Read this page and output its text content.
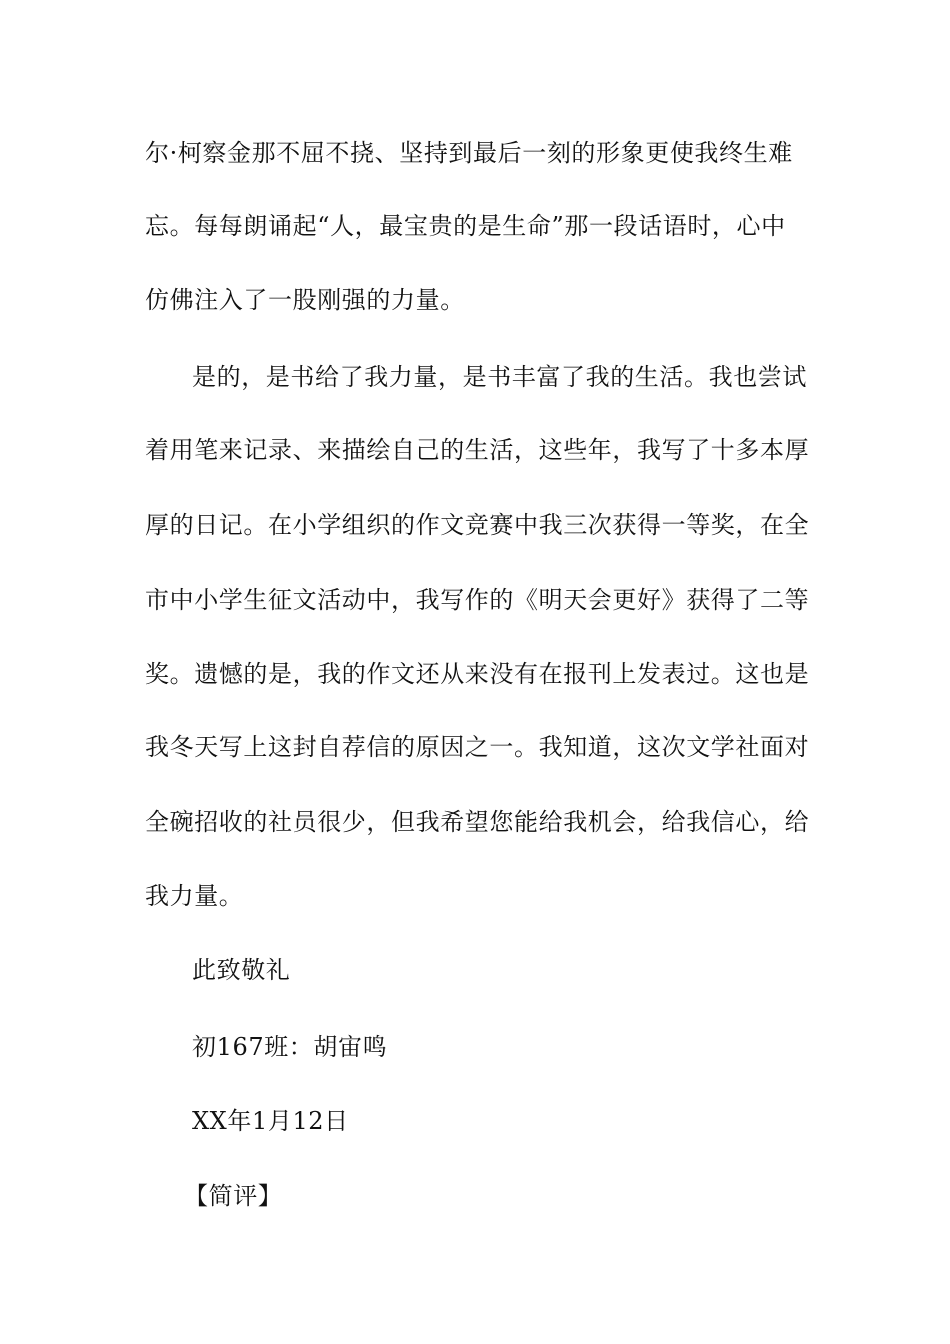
尔·柯察金那不屈不挠、坚持到最后一刻的形象更使我终生难
忘。每每朗诵起“人，最宝贵的是生命”那一段话语时，心中
仿佛注入了一股刚强的力量。
是的，是书给了我力量，是书丰富了我的生活。我也尝试
着用笔来记录、来描绘自己的生活，这些年，我写了十多本厚
厚的日记。在小学组织的作文竞赛中我三次获得一等奖，在全
市中小学生征文活动中，我写作的《明天会更好》获得了二等
奖。遗憾的是，我的作文还从来没有在报刊上发表过。这也是
我冬天写上这封自荐信的原因之一。我知道，这次文学社面对
全碗招收的社员很少，但我希望您能给我机会，给我信心，给
我力量。
此致敬礼
初167班：胡宙鸣
XX年1月12日
【简评】
